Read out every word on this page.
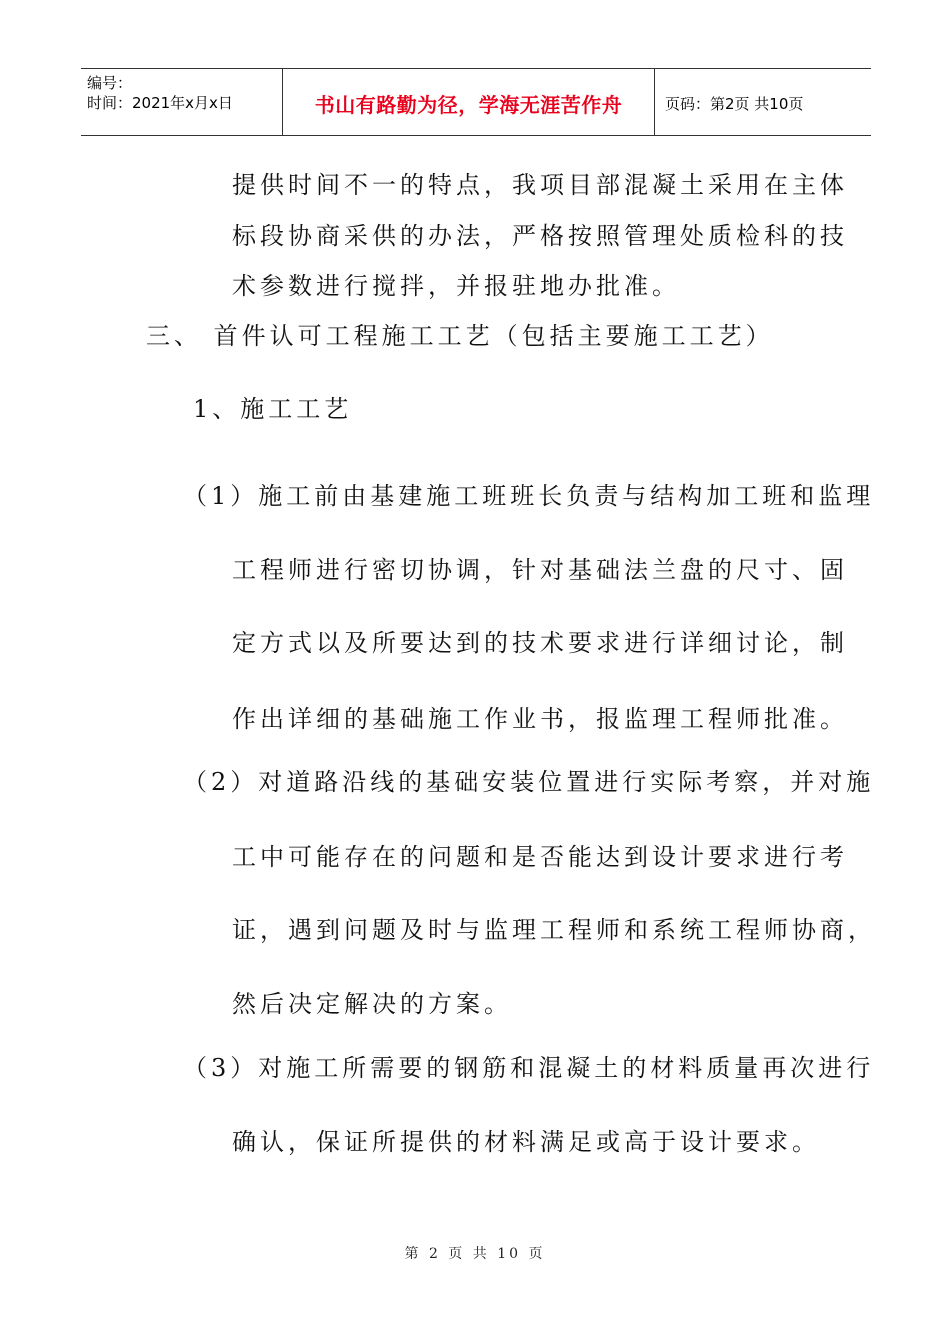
编号：
时间：2021年x月x日	书山有路勤为径，学海无涯苦作舟	页码：第2页 共10页
提供时间不一的特点，我项目部混凝土采用在主体
标段协商采供的办法，严格按照管理处质检科的技
术参数进行搅拌，并报驻地办批准。
三、 首件认可工程施工工艺（包括主要施工工艺）
1、施工工艺
（1）施工前由基建施工班班长负责与结构加工班和监理
工程师进行密切协调，针对基础法兰盘的尺寸、固
定方式以及所要达到的技术要求进行详细讨论，制
作出详细的基础施工作业书，报监理工程师批准。
（2）对道路沿线的基础安装位置进行实际考察，并对施
工中可能存在的问题和是否能达到设计要求进行考
证，遇到问题及时与监理工程师和系统工程师协商，
然后决定解决的方案。
（3）对施工所需要的钢筋和混凝土的材料质量再次进行
确认，保证所提供的材料满足或高于设计要求。
第 2 页 共 10 页
